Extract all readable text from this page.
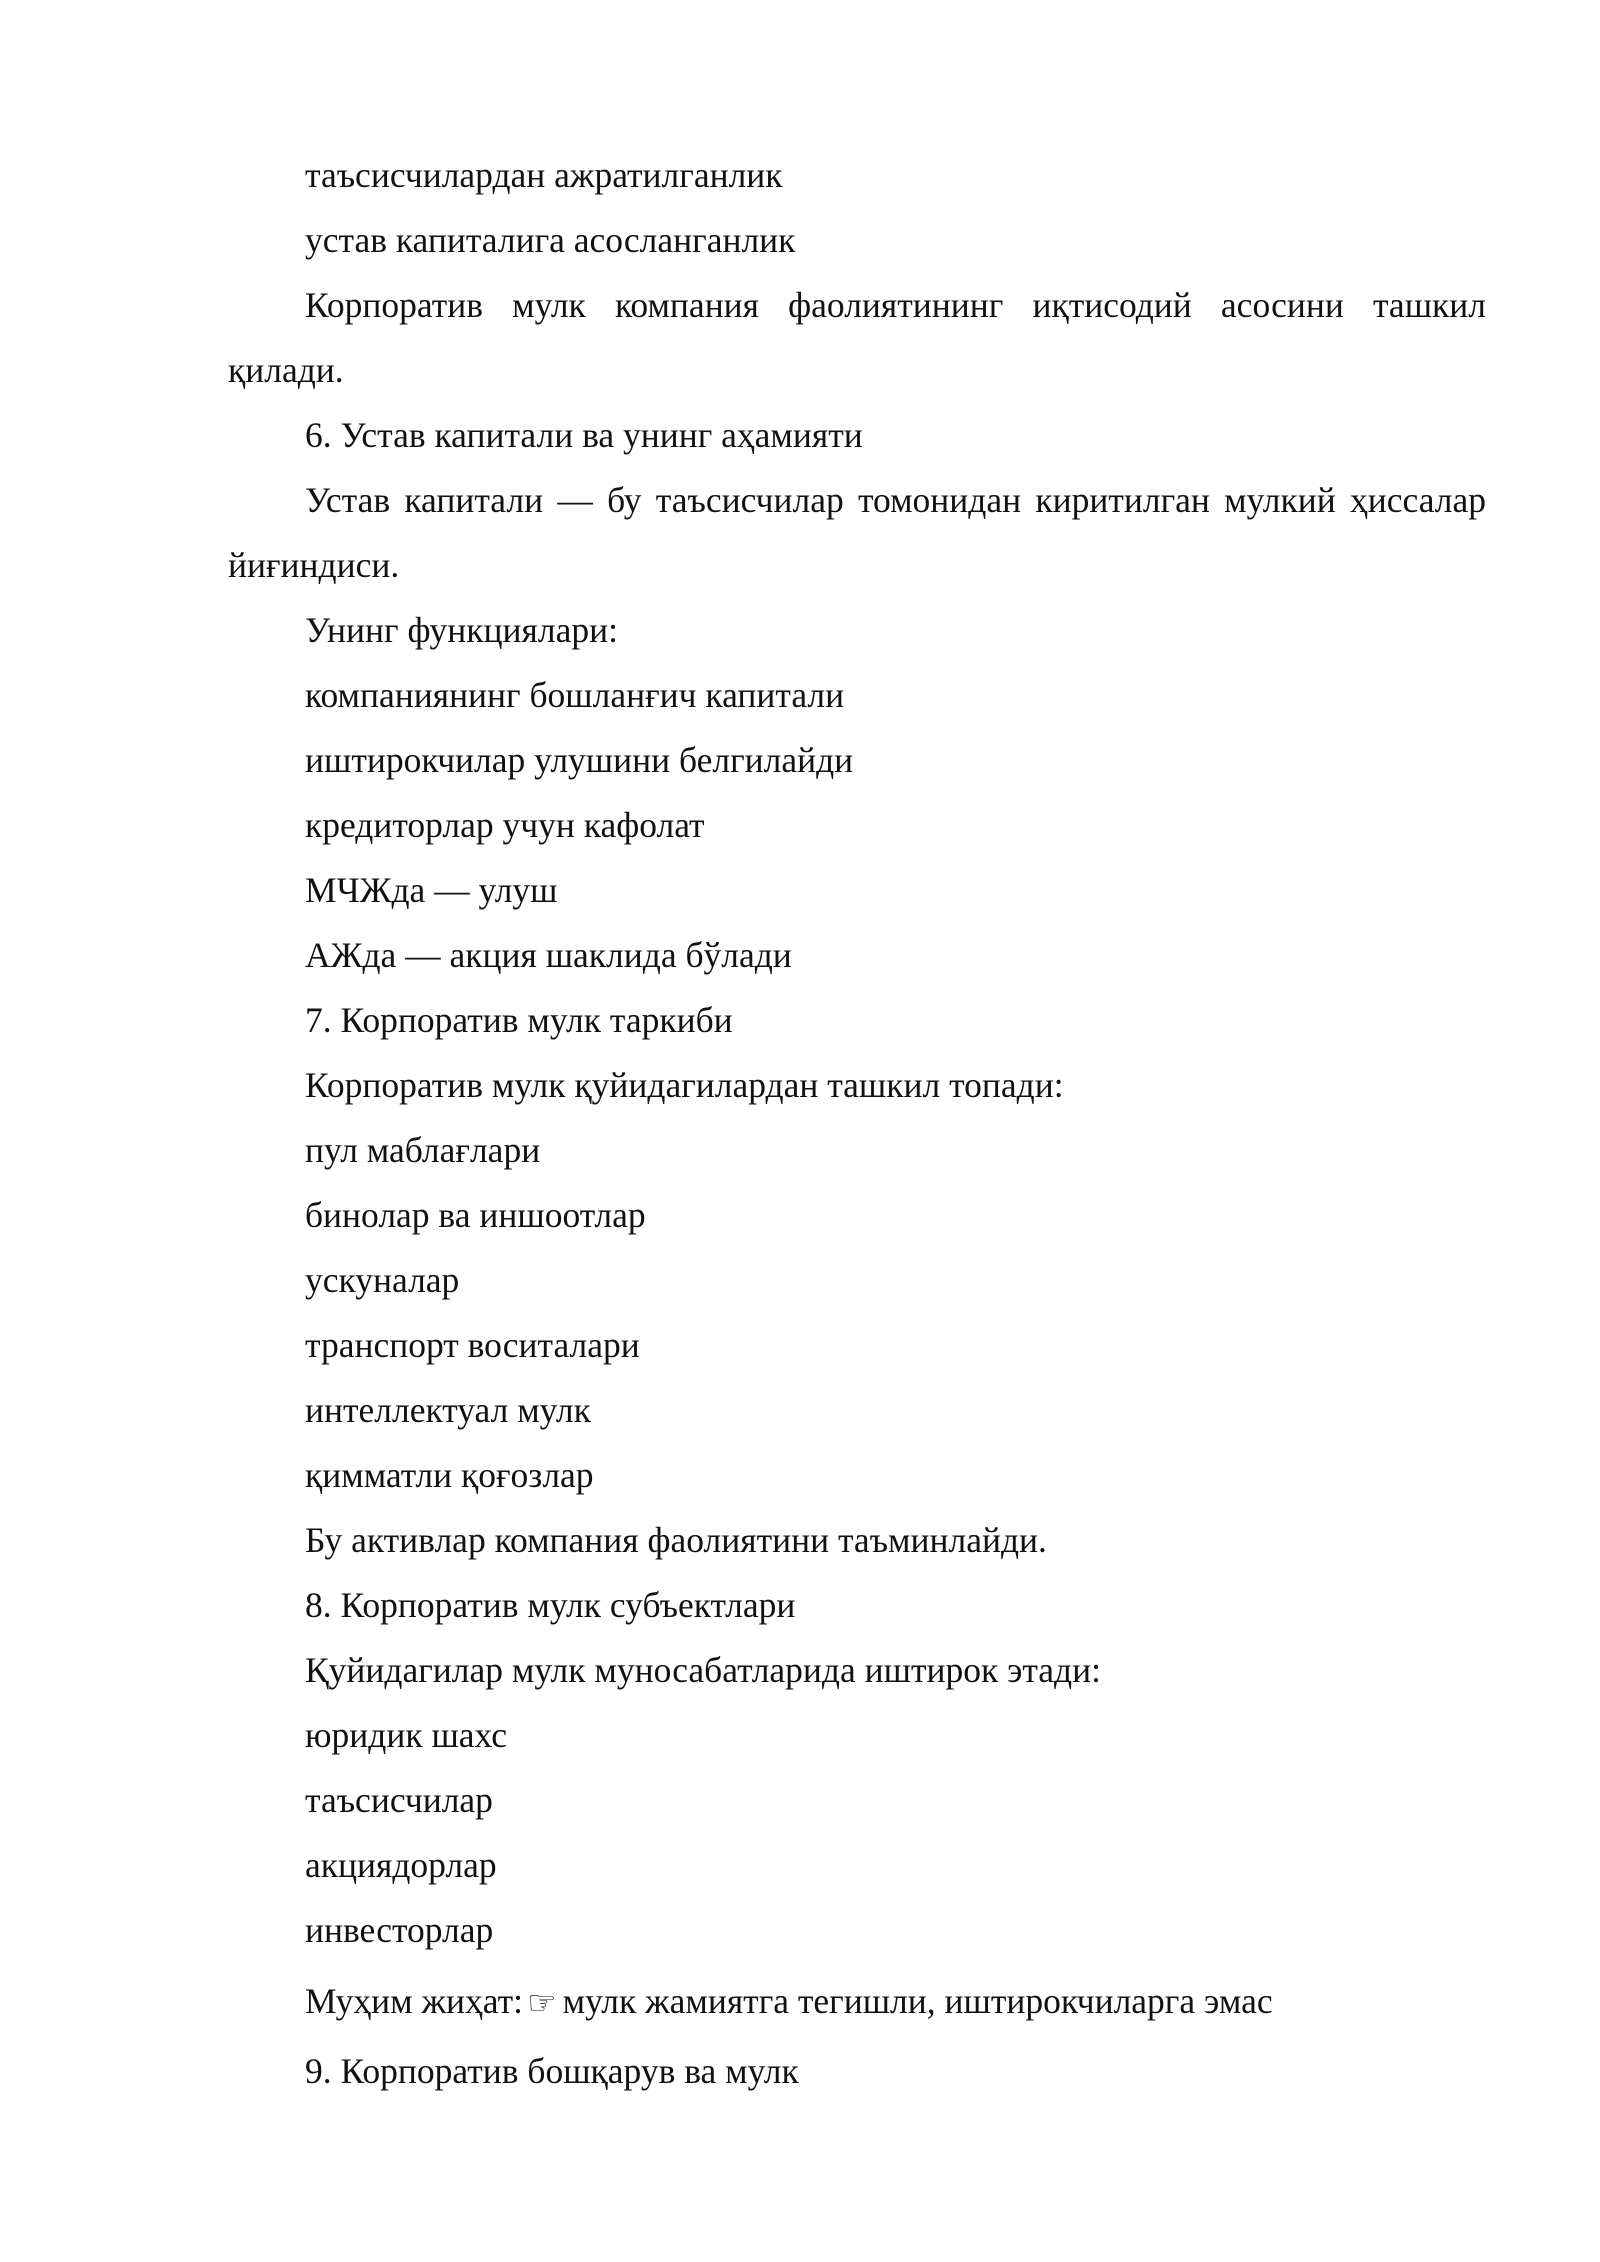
таъсисчилардан ажратилганлик
устав капиталига асосланганлик
Корпоратив мулк компания фаолиятининг иқтисодий асосини ташкил қилади.
6. Устав капитали ва унинг аҳамияти
Устав капитали — бу таъсисчилар томонидан киритилган мулкий ҳиссалар йиғиндиси.
Унинг функциялари:
компаниянинг бошланғич капитали
иштирокчилар улушини белгилайди
кредиторлар учун кафолат
МЧЖда — улуш
АЖда — акция шаклида бўлади
7. Корпоратив мулк таркиби
Корпоратив мулк қуйидагилардан ташкил топади:
пул маблағлари
бинолар ва иншоотлар
ускуналар
транспорт воситалари
интеллектуал мулк
қимматли қоғозлар
Бу активлар компания фаолиятини таъминлайди.
8. Корпоратив мулк субъектлари
Қуйидагилар мулк муносабатларида иштирок этади:
юридик шахс
таъсисчилар
акциядорлар
инвесторлар
Муҳим жиҳат: ☞ мулк жамиятга тегишли, иштирокчиларга эмас
9. Корпоратив бошқарув ва мулк
